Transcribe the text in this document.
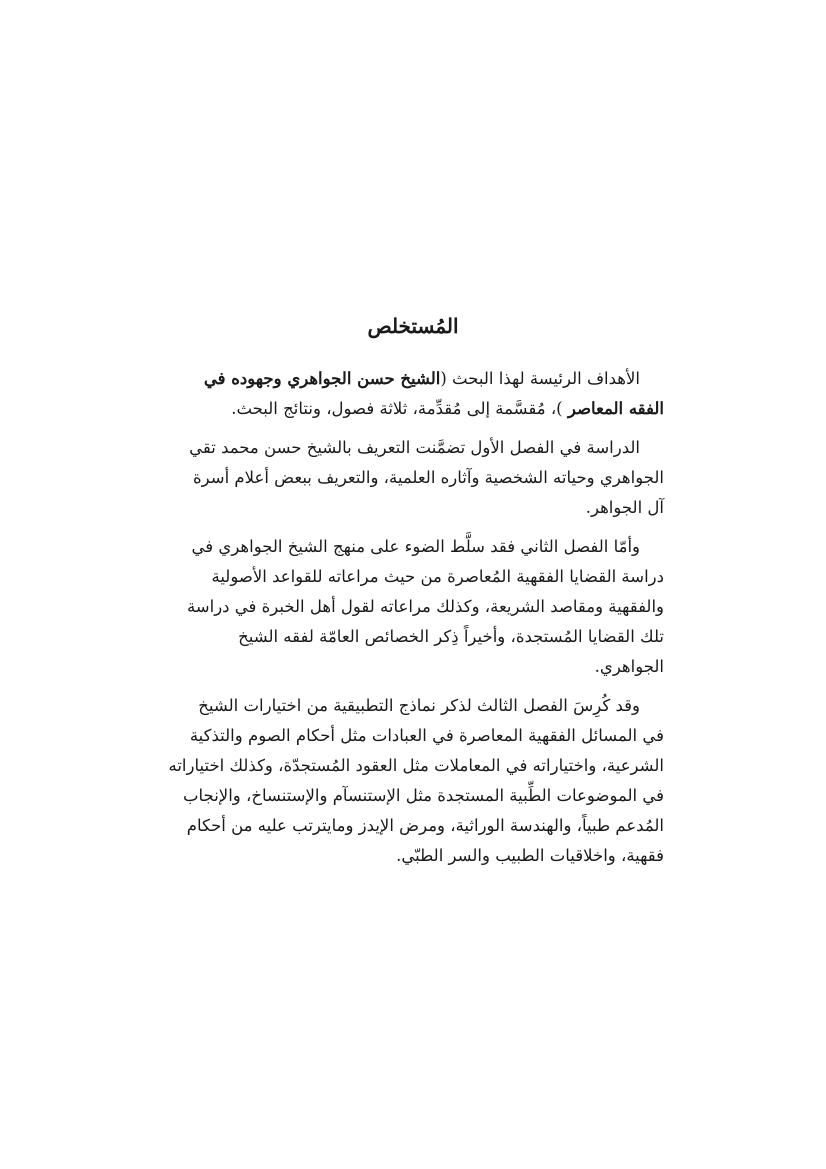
المُستخلص

الأهداف الرئيسة لهذا البحث (الشيخ حسن الجواهري وجهوده في
الفقه المعاصر )، مُقسَّمة إلى مُقدِّمة، ثلاثة فصول، ونتائج البحث.

الدراسة في الفصل الأول تضمَّنت التعريف بالشيخ حسن محمد تقي
الجواهري وحياته الشخصية وآثاره العلمية، والتعريف ببعض أعلام أسرة
آل الجواهر.

وأمّا الفصل الثاني فقد سلَّط الضوء على منهج الشيخ الجواهري في
دراسة القضايا الفقهية المُعاصرة من حيث مراعاته للقواعد الأصولية
والفقهية ومقاصد الشريعة، وكذلك مراعاته لقول أهل الخبرة في دراسة
تلك القضايا المُستجدة، وأخيراً ذِكر الخصائص العامّة لفقه الشيخ
الجواهري.

وقد كُرِسَ الفصل الثالث لذكر نماذج التطبيقية من اختيارات الشيخ
في المسائل الفقهية المعاصرة في العبادات مثل أحكام الصوم والتذكية
الشرعية، واختياراته في المعاملات مثل العقود المُستجدّة، وكذلك اختياراته
في الموضوعات الطِّبية المستجدة مثل الإستنسآم والإستنساخ، والإنجاب
المُدعم طبياً، والهندسة الوراثية، ومرض الإيدز ومايترتب عليه من أحكام
فقهية، واخلاقيات الطبيب والسر الطبّي.
